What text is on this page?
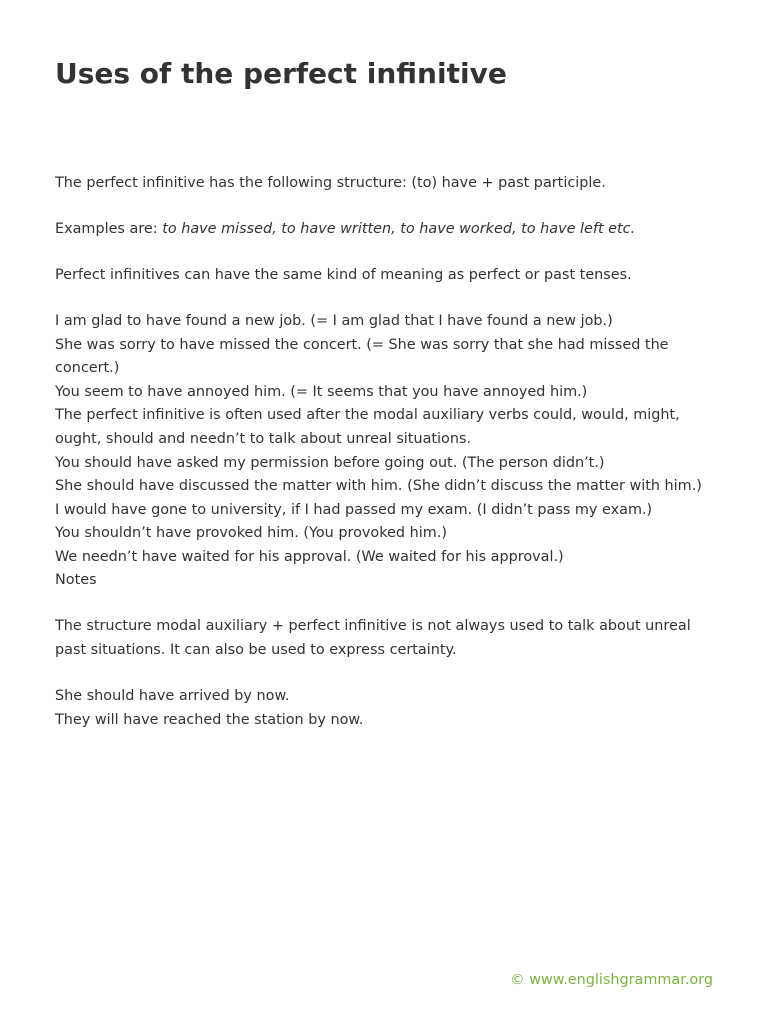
Uses of the perfect infinitive

The perfect infinitive has the following structure: (to) have + past participle.

Examples are: to have missed, to have written, to have worked, to have left etc.

Perfect infinitives can have the same kind of meaning as perfect or past tenses.

I am glad to have found a new job. (= I am glad that I have found a new job.)
She was sorry to have missed the concert. (= She was sorry that she had missed the concert.)
You seem to have annoyed him. (= It seems that you have annoyed him.)
The perfect infinitive is often used after the modal auxiliary verbs could, would, might, ought, should and needn’t to talk about unreal situations.
You should have asked my permission before going out. (The person didn’t.)
She should have discussed the matter with him. (She didn’t discuss the matter with him.)
I would have gone to university, if I had passed my exam. (I didn’t pass my exam.)
You shouldn’t have provoked him. (You provoked him.)
We needn’t have waited for his approval. (We waited for his approval.)
Notes

The structure modal auxiliary + perfect infinitive is not always used to talk about unreal past situations. It can also be used to express certainty.

She should have arrived by now.
They will have reached the station by now.

© www.englishgrammar.org
